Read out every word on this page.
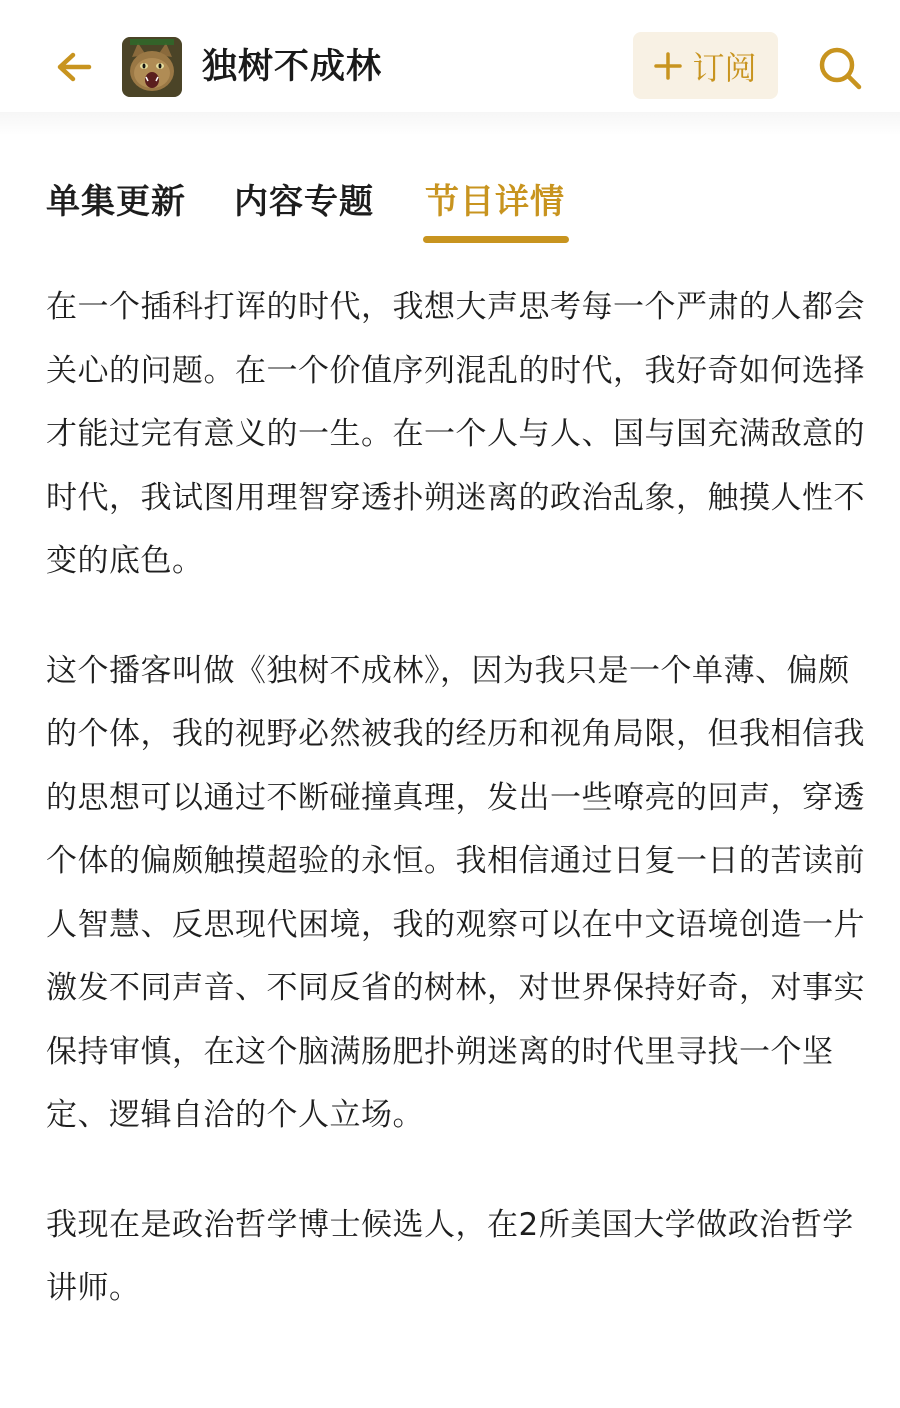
独树不成林	订阅
单集更新 内容专题 节目详情

在一个插科打诨的时代，我想大声思考每一个严肃的人都会关心的问题。在一个价值序列混乱的时代，我好奇如何选择才能过完有意义的一生。在一个人与人、国与国充满敌意的时代，我试图用理智穿透扑朔迷离的政治乱象，触摸人性不变的底色。

这个播客叫做《独树不成林》，因为我只是一个单薄、偏颇的个体，我的视野必然被我的经历和视角局限，但我相信我的思想可以通过不断碰撞真理，发出一些嘹亮的回声，穿透个体的偏颇触摸超验的永恒。我相信通过日复一日的苦读前人智慧、反思现代困境，我的观察可以在中文语境创造一片激发不同声音、不同反省的树林，对世界保持好奇，对事实保持审慎，在这个脑满肠肥扑朔迷离的时代里寻找一个坚定、逻辑自洽的个人立场。

我现在是政治哲学博士候选人，在2所美国大学做政治哲学讲师。
